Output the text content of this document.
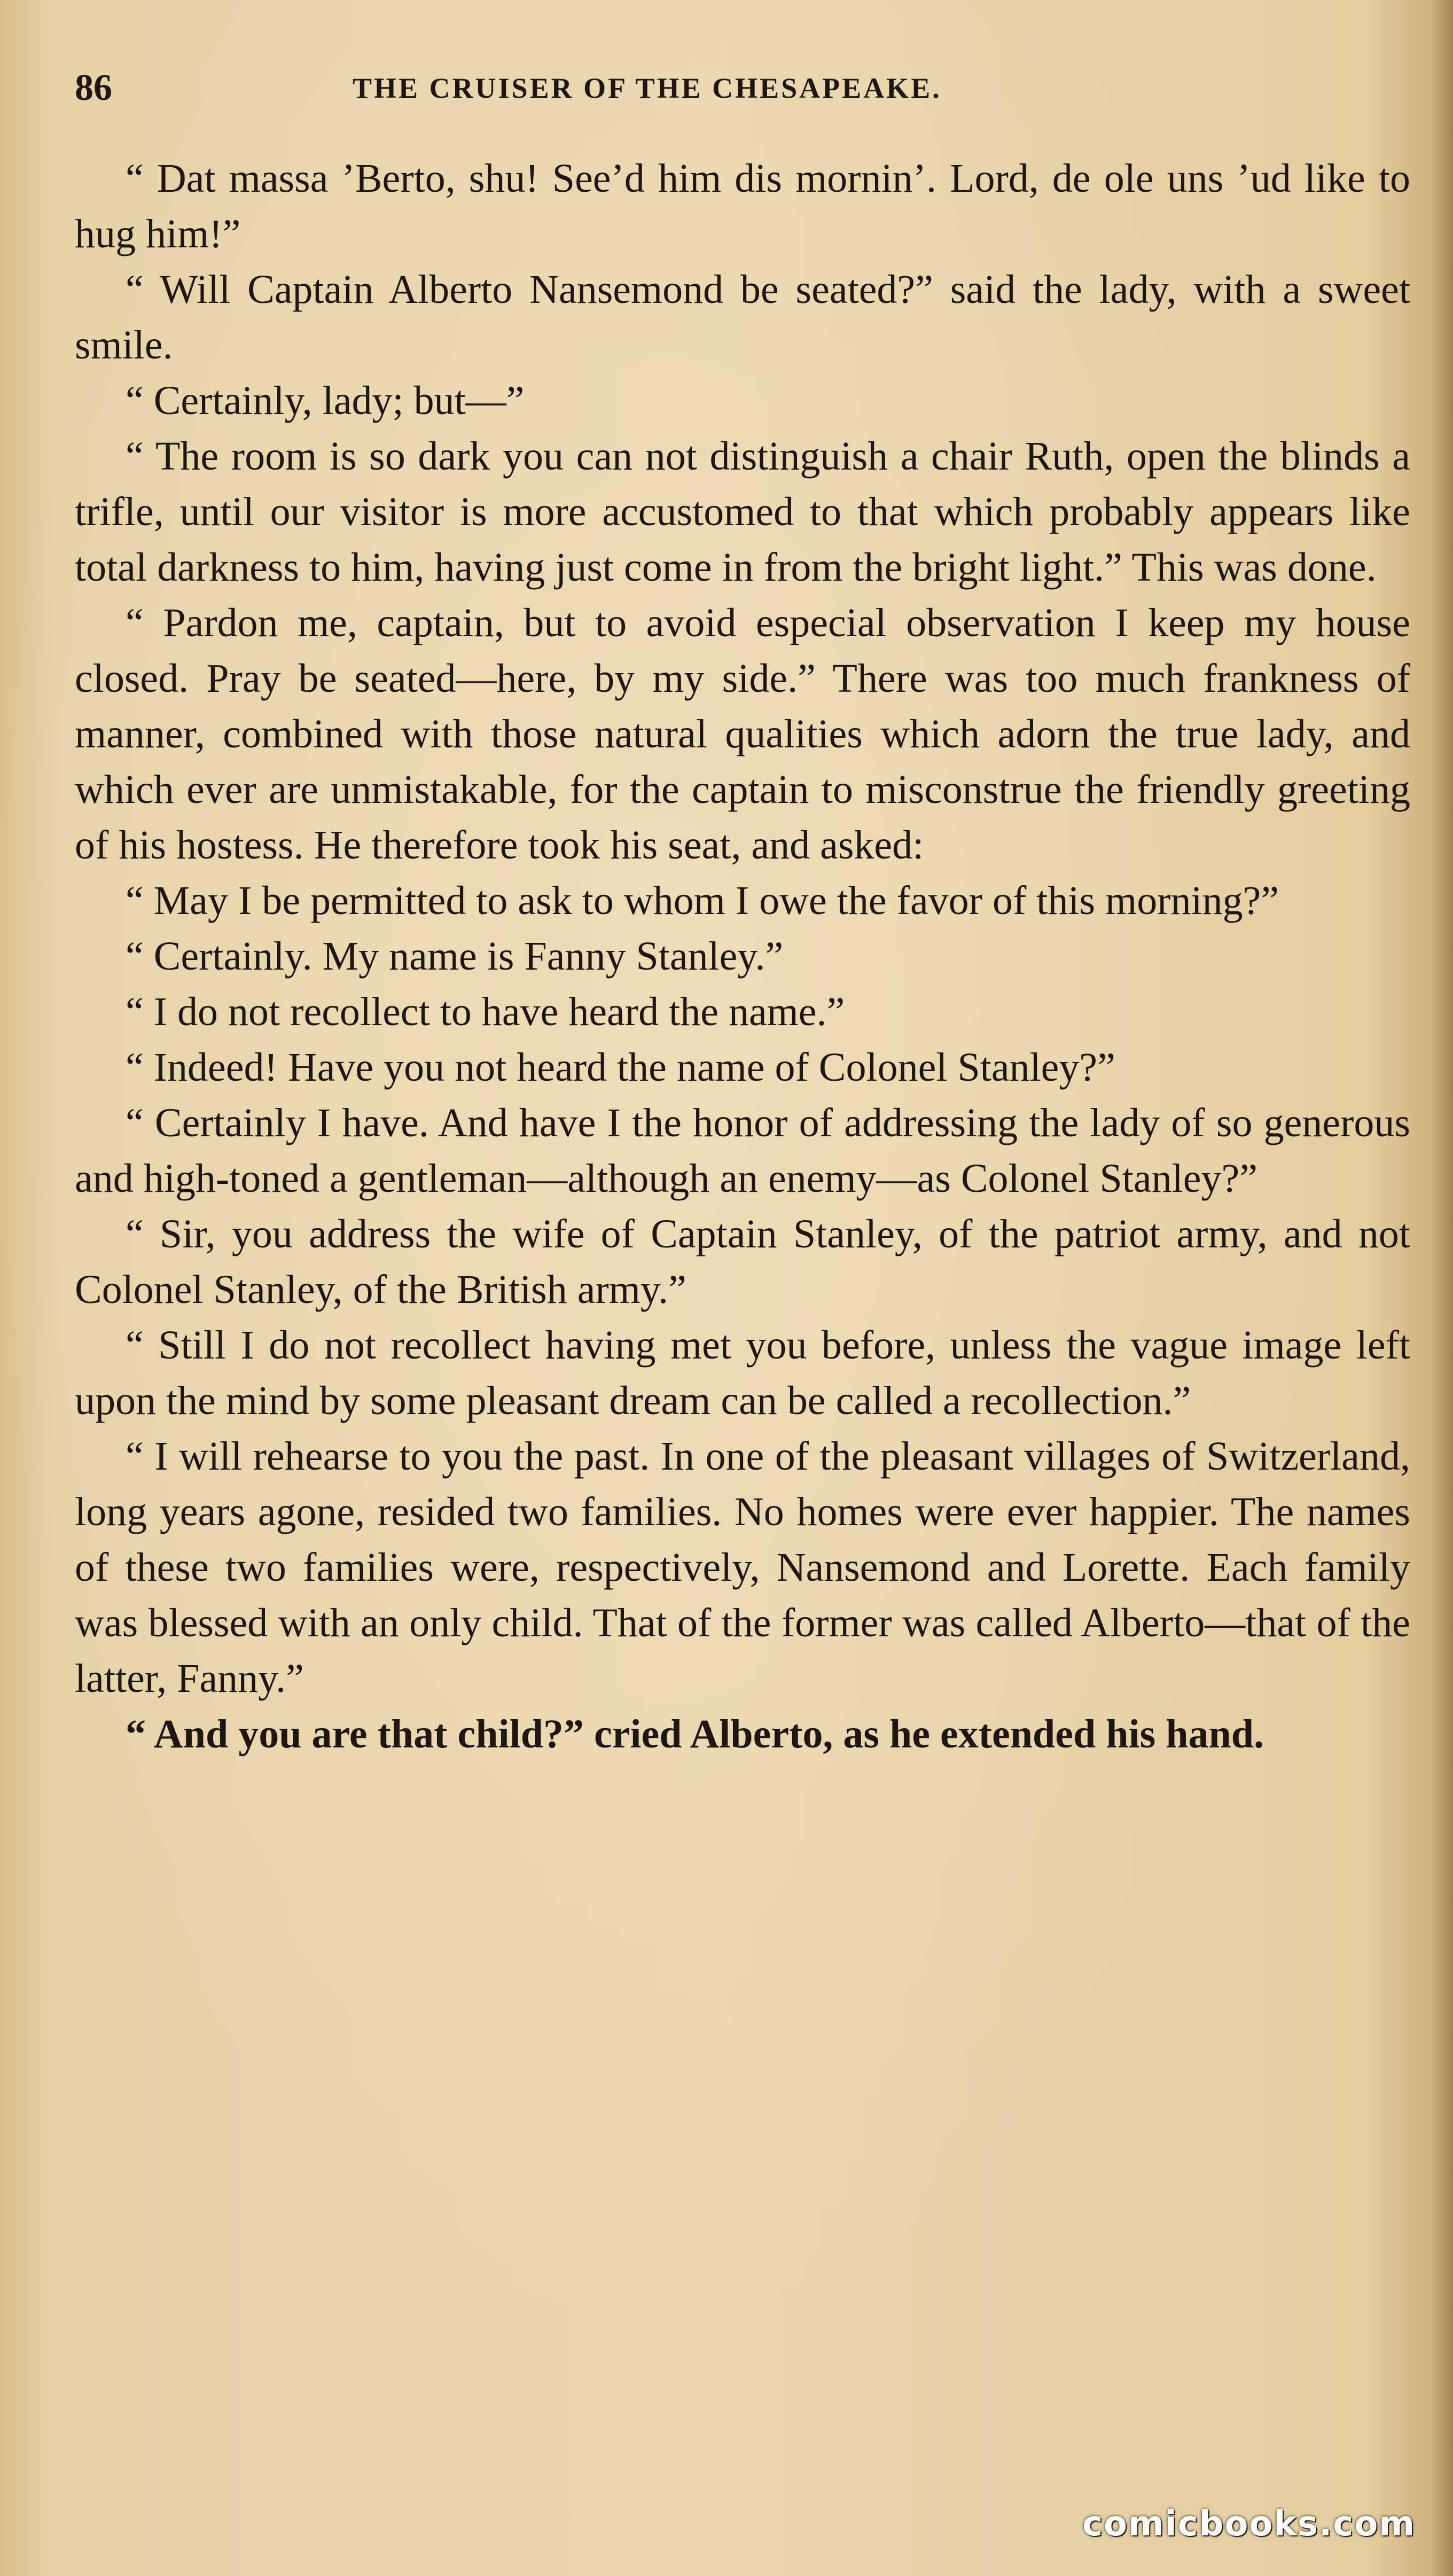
86	THE CRUISER OF THE CHESAPEAKE.

“ Dat massa ’Berto, shu! See’d him dis mornin’. Lord, de ole uns ’ud like to hug him!”

“ Will Captain Alberto Nansemond be seated?” said the lady, with a sweet smile.

“ Certainly, lady; but—”

“ The room is so dark you can not distinguish a chair Ruth, open the blinds a trifle, until our visitor is more accustomed to that which probably appears like total darkness to him, having just come in from the bright light.” This was done.

“ Pardon me, captain, but to avoid especial observation I keep my house closed. Pray be seated—here, by my side.” There was too much frankness of manner, combined with those natural qualities which adorn the true lady, and which ever are unmistakable, for the captain to misconstrue the friendly greeting of his hostess. He therefore took his seat, and asked:

“ May I be permitted to ask to whom I owe the favor of this morning?”

“ Certainly. My name is Fanny Stanley.”

“ I do not recollect to have heard the name.”

“ Indeed! Have you not heard the name of Colonel Stanley?”

“ Certainly I have. And have I the honor of addressing the lady of so generous and high-toned a gentleman—although an enemy—as Colonel Stanley?”

“ Sir, you address the wife of Captain Stanley, of the patriot army, and not Colonel Stanley, of the British army.”

“ Still I do not recollect having met you before, unless the vague image left upon the mind by some pleasant dream can be called a recollection.”

“ I will rehearse to you the past. In one of the pleasant villages of Switzerland, long years agone, resided two families. No homes were ever happier. The names of these two families were, respectively, Nansemond and Lorette. Each family was blessed with an only child. That of the former was called Alberto—that of the latter, Fanny.”

“ And you are that child?” cried Alberto, as he extended his hand.

comicbooks.com
